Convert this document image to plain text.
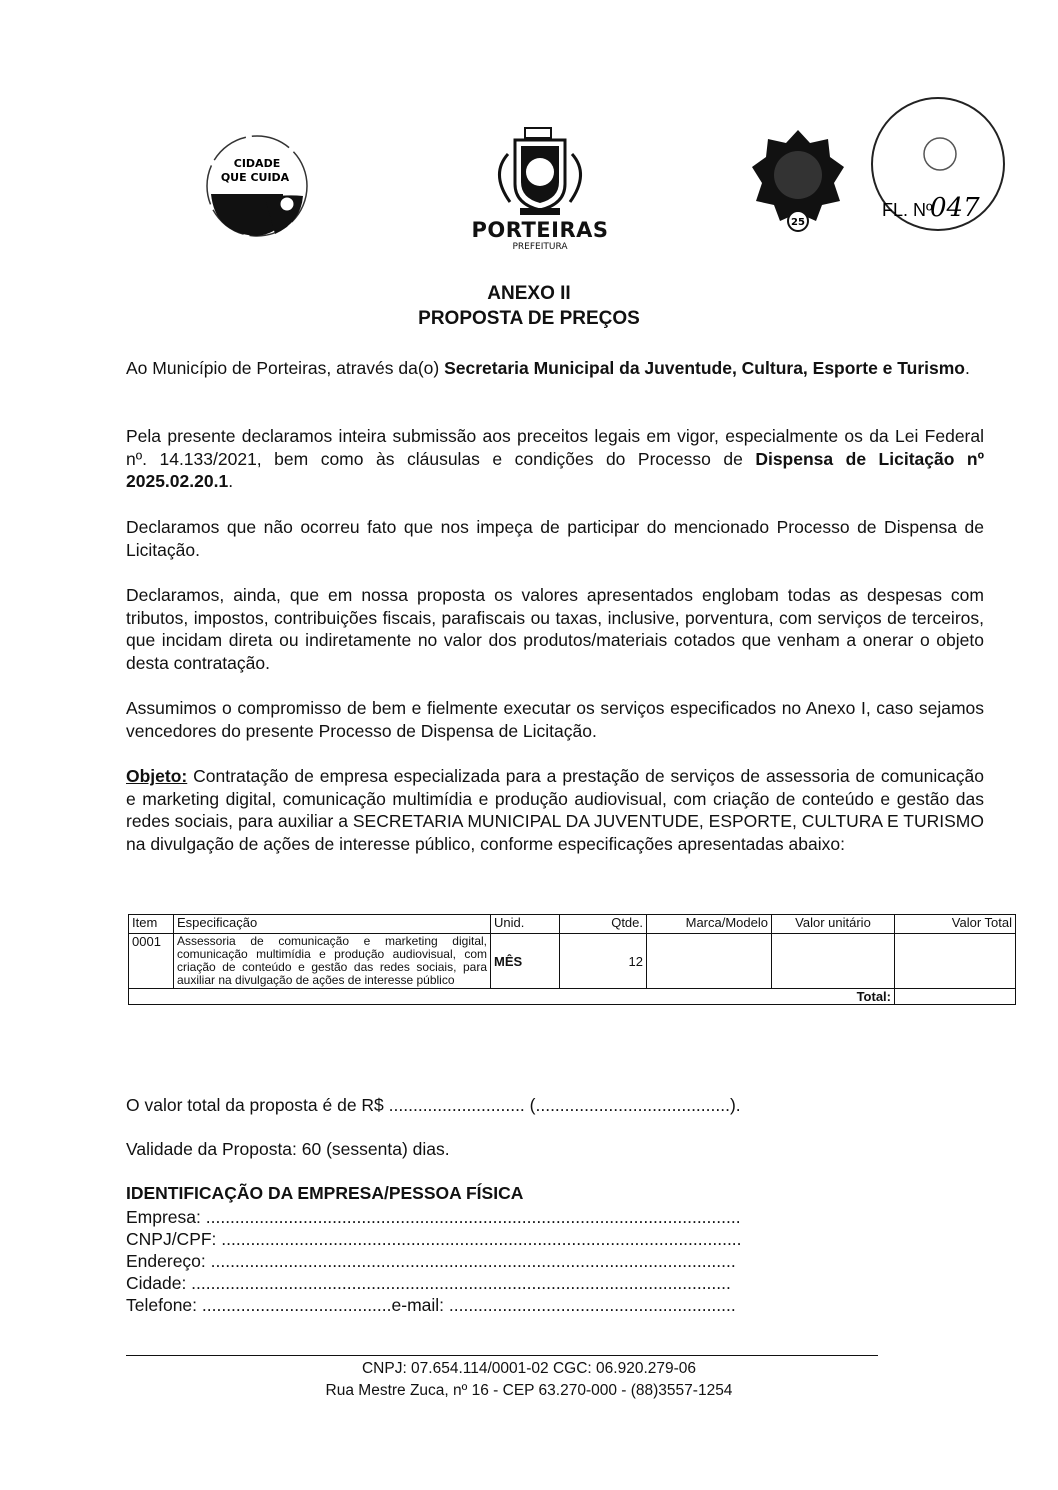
CIDADE
QUE CUIDA
PORTEIRAS
PREFEITURA
25
FL. Nº
047
ANEXO II
PROPOSTA DE PREÇOS
Ao Município de Porteiras, através da(o) Secretaria Municipal da Juventude, Cultura, Esporte e Turismo.
Pela presente declaramos inteira submissão aos preceitos legais em vigor, especialmente os da Lei Federal nº. 14.133/2021, bem como às cláusulas e condições do Processo de Dispensa de Licitação nº 2025.02.20.1.
Declaramos que não ocorreu fato que nos impeça de participar do mencionado Processo de Dispensa de Licitação.
Declaramos, ainda, que em nossa proposta os valores apresentados englobam todas as despesas com tributos, impostos, contribuições fiscais, parafiscais ou taxas, inclusive, porventura, com serviços de terceiros, que incidam direta ou indiretamente no valor dos produtos/materiais cotados que venham a onerar o objeto desta contratação.
Assumimos o compromisso de bem e fielmente executar os serviços especificados no Anexo I, caso sejamos vencedores do presente Processo de Dispensa de Licitação.
Objeto: Contratação de empresa especializada para a prestação de serviços de assessoria de comunicação e marketing digital, comunicação multimídia e produção audiovisual, com criação de conteúdo e gestão das redes sociais, para auxiliar a SECRETARIA MUNICIPAL DA JUVENTUDE, ESPORTE, CULTURA E TURISMO na divulgação de ações de interesse público, conforme especificações apresentadas abaixo:
Item	Especificação	Unid.	Qtde.	Marca/Modelo	Valor unitário	Valor Total
0001	Assessoria de comunicação e marketing digital, comunicação multimídia e produção audiovisual, com criação de conteúdo e gestão das redes sociais, para auxiliar na divulgação de ações de interesse público	MÊS	12			
Total:						
O valor total da proposta é de R$ ............................ (........................................).
Validade da Proposta: 60 (sessenta) dias.
IDENTIFICAÇÃO DA EMPRESA/PESSOA FÍSICA
Empresa: ..............................................................................................................
CNPJ/CPF: ...........................................................................................................
Endereço: ............................................................................................................
Cidade: ...............................................................................................................
Telefone: .......................................e-mail: ...........................................................
CNPJ: 07.654.114/0001-02 CGC: 06.920.279-06
Rua Mestre Zuca, nº 16 - CEP 63.270-000 - (88)3557-1254
